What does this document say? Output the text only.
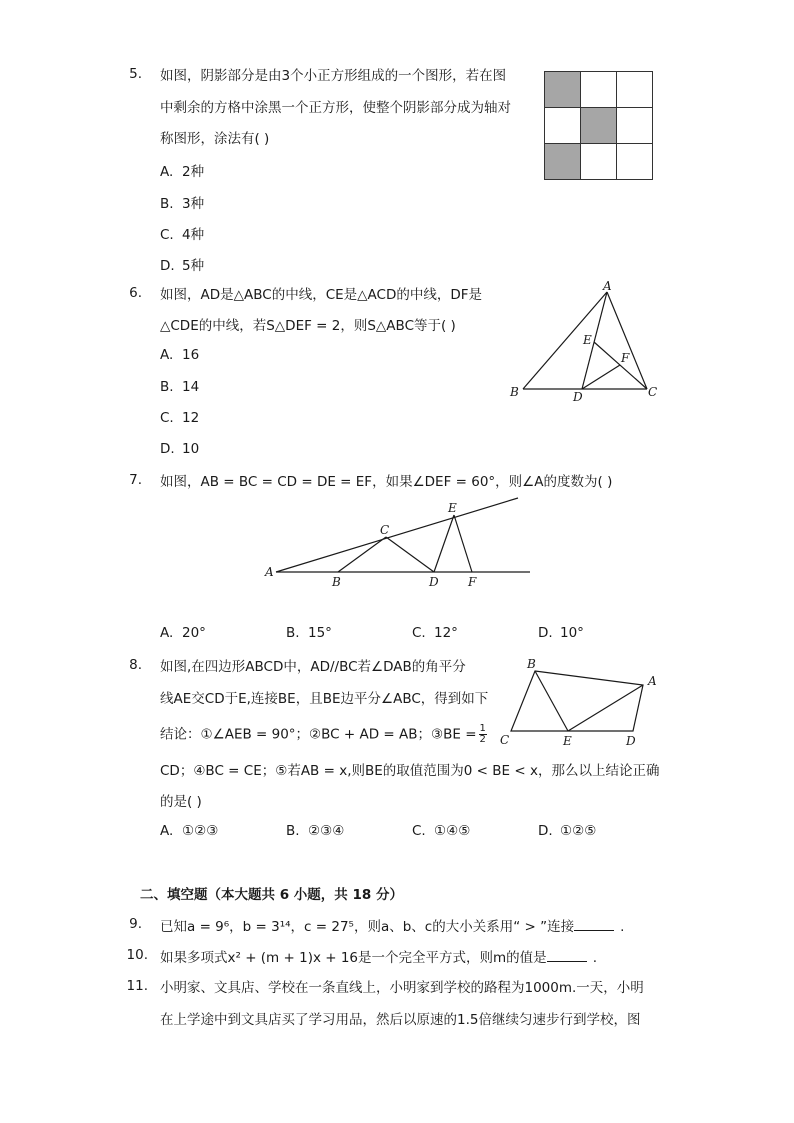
5. 如图，阴影部分是由3个小正方形组成的一个图形，若在图
中剩余的方格中涂黑一个正方形，使整个阴影部分成为轴对
称图形，涂法有( )
A. 2种
B. 3种
C. 4种
D. 5种
6. 如图，AD是△ABC的中线，CE是△ACD的中线，DF是
△CDE的中线，若S△DEF = 2，则S△ABC等于( )
A. 16
B. 14
C. 12
D. 10
A
B	C
D
E
F
7. 如图，AB = BC = CD = DE = EF，如果∠DEF = 60°，则∠A的度数为( )
A
B
C
D
E
F
A. 20°	B. 15°	C. 12°	D. 10°
8. 如图,在四边形ABCD中，AD//BC若∠DAB的角平分
线AE交CD于E,连接BE，且BE边平分∠ABC，得到如下
结论：①∠AEB = 90°；②BC + AD = AB；③BE = $\frac{1}{2}$
CD；④BC = CE；⑤若AB = x,则BE的取值范围为0 < BE < x，那么以上结论正确
的是( )
A. ①②③	B. ②③④	C. ①④⑤	D. ①②⑤
B
A
C	E	D
二、填空题（本大题共 6 小题，共 18 分）
9. 已知a = 9⁶，b = 3¹⁴，c = 27⁵，则a、b、c的大小关系用“ > ”连接	.
10. 如果多项式x² + (m + 1)x + 16是一个完全平方式，则m的值是	.
11. 小明家、文具店、学校在一条直线上，小明家到学校的路程为1000m.一天，小明
在上学途中到文具店买了学习用品，然后以原速的1.5倍继续匀速步行到学校，图
